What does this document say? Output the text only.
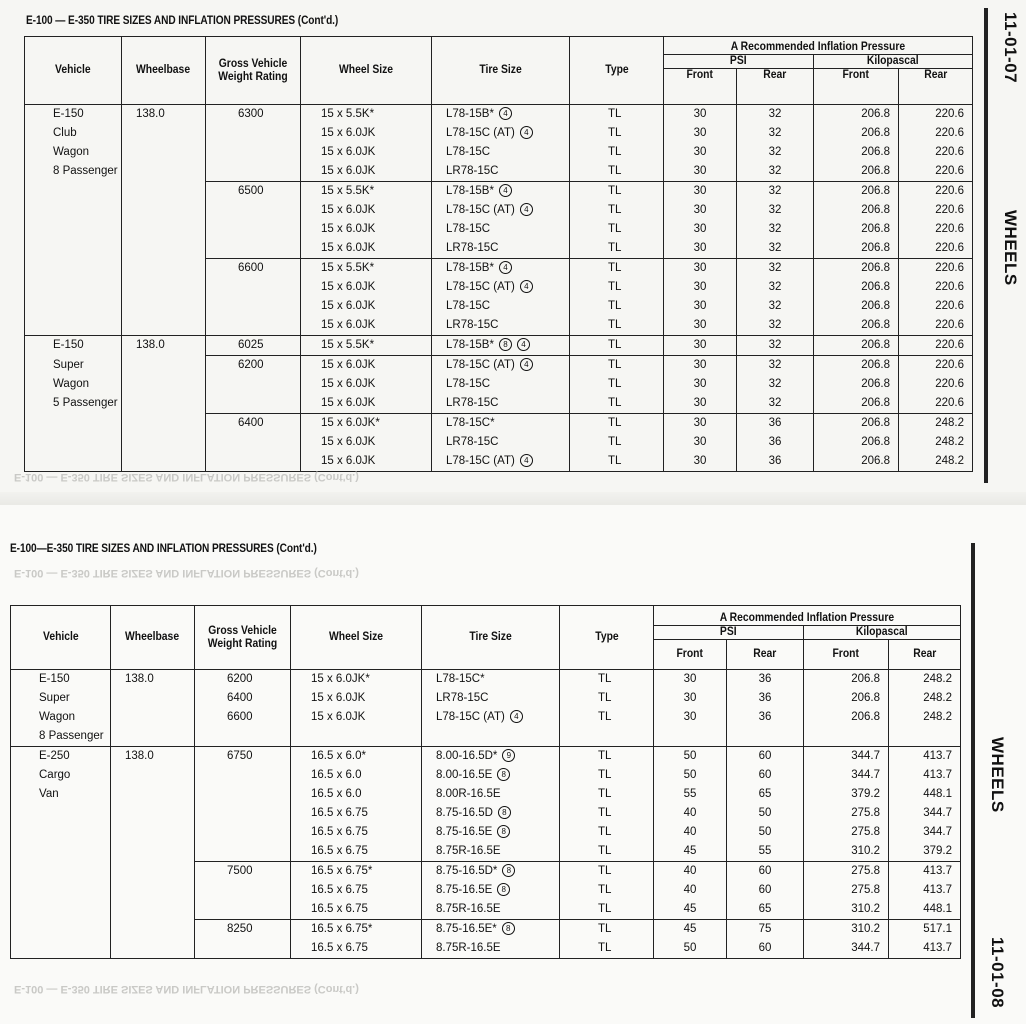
E-100 — E-350 TIRE SIZES AND INFLATION PRESSURES (Cont'd.)	11-01-07
WHEELS
Vehicle	Wheelbase	Gross Vehicle Weight Rating	Wheel Size	Tire Size	Type	A Recommended Inflation Pressure			
						PSI		Kilopascal	
						Front	Rear	Front	Rear
E-150	138.0	6300	15 x 5.5K*	L78-15B* 4	TL	30	32	206.8	220.6
Club			15 x 6.0JK	L78-15C (AT) 4	TL	30	32	206.8	220.6
Wagon			15 x 6.0JK	L78-15C	TL	30	32	206.8	220.6
8 Passenger			15 x 6.0JK	LR78-15C	TL	30	32	206.8	220.6
		6500	15 x 5.5K*	L78-15B* 4	TL	30	32	206.8	220.6
			15 x 6.0JK	L78-15C (AT) 4	TL	30	32	206.8	220.6
			15 x 6.0JK	L78-15C	TL	30	32	206.8	220.6
			15 x 6.0JK	LR78-15C	TL	30	32	206.8	220.6
		6600	15 x 5.5K*	L78-15B* 4	TL	30	32	206.8	220.6
			15 x 6.0JK	L78-15C (AT) 4	TL	30	32	206.8	220.6
			15 x 6.0JK	L78-15C	TL	30	32	206.8	220.6
			15 x 6.0JK	LR78-15C	TL	30	32	206.8	220.6
E-150	138.0	6025	15 x 5.5K*	L78-15B* 8 4	TL	30	32	206.8	220.6
Super		6200	15 x 6.0JK	L78-15C (AT) 4	TL	30	32	206.8	220.6
Wagon			15 x 6.0JK	L78-15C	TL	30	32	206.8	220.6
5 Passenger			15 x 6.0JK	LR78-15C	TL	30	32	206.8	220.6
		6400	15 x 6.0JK*	L78-15C*	TL	30	36	206.8	248.2
			15 x 6.0JK	LR78-15C	TL	30	36	206.8	248.2
			15 x 6.0JK	L78-15C (AT) 4	TL	30	36	206.8	248.2
E-100 — E-350 TIRE SIZES AND INFLATION PRESSURES (Cont'd.)
E-100—E-350 TIRE SIZES AND INFLATION PRESSURES (Cont'd.)
E-100 — E-350 TIRE SIZES AND INFLATION PRESSURES (Cont'd.)
WHEELS
11-01-08
Vehicle	Wheelbase	Gross Vehicle Weight Rating	Wheel Size	Tire Size	Type	A Recommended Inflation Pressure			
						PSI		Kilopascal	
						Front	Rear	Front	Rear
E-150	138.0	6200	15 x 6.0JK*	L78-15C*	TL	30	36	206.8	248.2
Super		6400	15 x 6.0JK	LR78-15C	TL	30	36	206.8	248.2
Wagon		6600	15 x 6.0JK	L78-15C (AT) 4	TL	30	36	206.8	248.2
8 Passenger									
E-250	138.0	6750	16.5 x 6.0*	8.00-16.5D* 9	TL	50	60	344.7	413.7
Cargo			16.5 x 6.0	8.00-16.5E 8	TL	50	60	344.7	413.7
Van			16.5 x 6.0	8.00R-16.5E	TL	55	65	379.2	448.1
			16.5 x 6.75	8.75-16.5D 8	TL	40	50	275.8	344.7
			16.5 x 6.75	8.75-16.5E 8	TL	40	50	275.8	344.7
			16.5 x 6.75	8.75R-16.5E	TL	45	55	310.2	379.2
		7500	16.5 x 6.75*	8.75-16.5D* 8	TL	40	60	275.8	413.7
			16.5 x 6.75	8.75-16.5E 8	TL	40	60	275.8	413.7
			16.5 x 6.75	8.75R-16.5E	TL	45	65	310.2	448.1
		8250	16.5 x 6.75*	8.75-16.5E* 8	TL	45	75	310.2	517.1
			16.5 x 6.75	8.75R-16.5E	TL	50	60	344.7	413.7
E-100 — E-350 TIRE SIZES AND INFLATION PRESSURES (Cont'd.)
